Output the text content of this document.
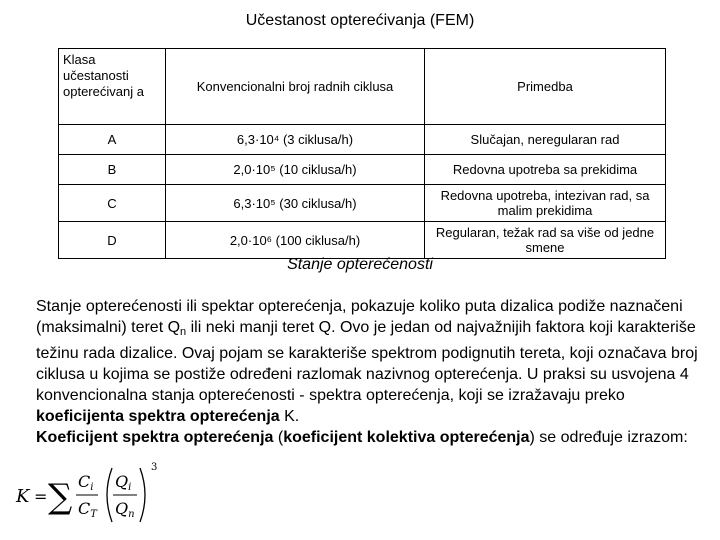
Učestanost opterećivanja (FEM)
Klasa učestanosti opterećivanj a	Konvencionalni broj radnih ciklusa	Primedba
A	6,3·10⁴ (3 ciklusa/h)	Slučajan, neregularan rad
B	2,0·10⁵ (10 ciklusa/h)	Redovna upotreba sa prekidima
C	6,3·10⁵ (30 ciklusa/h)	Redovna upotreba, intezivan rad, sa malim prekidima
D	2,0·10⁶ (100 ciklusa/h)	Regularan, težak rad sa više od jedne smene
Stanje opterećenosti

Stanje opterećenosti ili spektar opterećenja, pokazuje koliko puta dizalica podiže naznačeni (maksimalni) teret $Q_n$ ili neki manji teret Q. Ovo je jedan od najvažnijih faktora koji karakteriše težinu rada dizalice. Ovaj pojam se karakteriše spektrom podignutih tereta, koji označava broj ciklusa u kojima se postiže određeni razlomak nazivnog opterećenja. U praksi su usvojena 4 konvencionalna stanja opterećenosti - spektra opterećenja, koji se izražavaju preko koeficijenta spektra opterećenja K.

Koeficijent spektra opterećenja (koeficijent kolektiva opterećenja) se određuje izrazom:

K = ∑ Ci
CT
Qi
Qn
3
